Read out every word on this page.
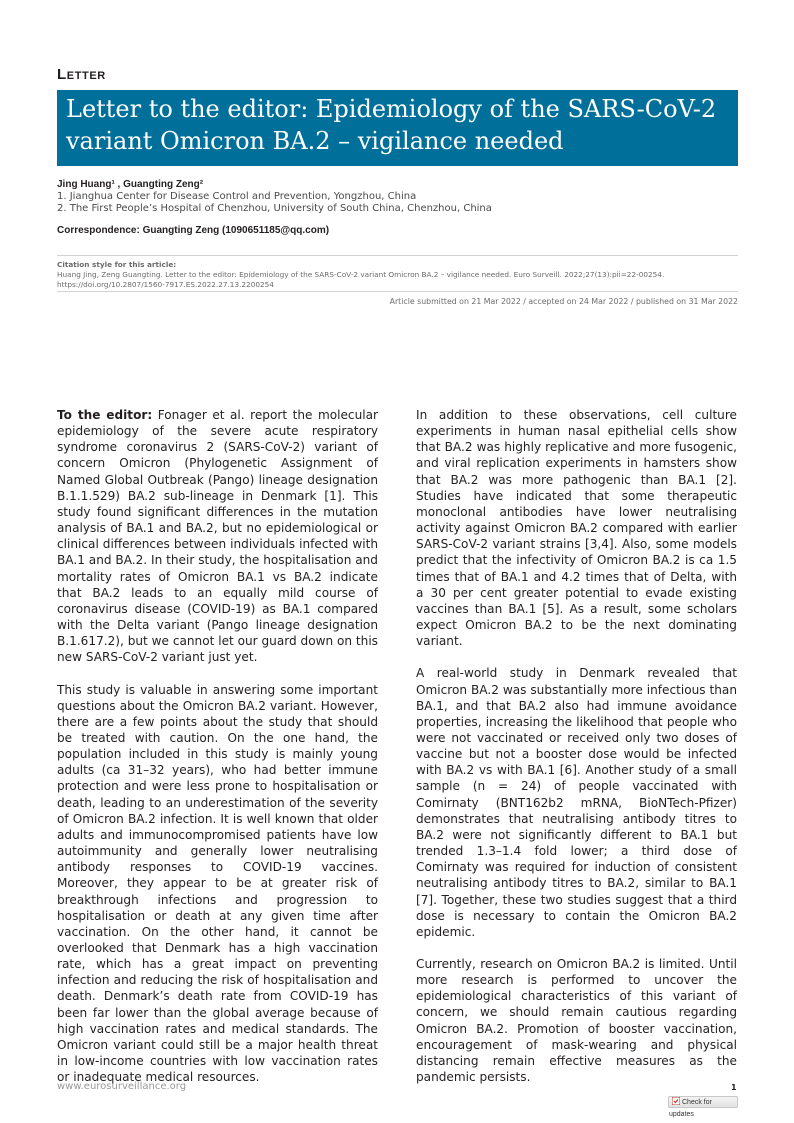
Letter
Letter to the editor: Epidemiology of the SARS-CoV-2 variant Omicron BA.2 – vigilance needed
Jing Huang¹ , Guangting Zeng²
1. Jianghua Center for Disease Control and Prevention, Yongzhou, China
2. The First People’s Hospital of Chenzhou, University of South China, Chenzhou, China
Correspondence: Guangting Zeng (1090651185@qq.com)
Citation style for this article:
Huang Jing, Zeng Guangting. Letter to the editor: Epidemiology of the SARS-CoV-2 variant Omicron BA.2 – vigilance needed. Euro Surveill. 2022;27(13):pii=22-00254. https://doi.org/10.2807/1560-7917.ES.2022.27.13.2200254
Article submitted on 21 Mar 2022 / accepted on 24 Mar 2022 / published on 31 Mar 2022

To the editor: Fonager et al. report the molecular epidemiology of the severe acute respiratory syndrome coronavirus 2 (SARS-CoV-2) variant of concern Omicron (Phylogenetic Assignment of Named Global Outbreak (Pango) lineage designation B.1.1.529) BA.2 sub-lineage in Denmark [1]. This study found significant differences in the mutation analysis of BA.1 and BA.2, but no epidemiological or clinical differences between individuals infected with BA.1 and BA.2. In their study, the hospitalisation and mortality rates of Omicron BA.1 vs BA.2 indicate that BA.2 leads to an equally mild course of coronavirus disease (COVID-19) as BA.1 compared with the Delta variant (Pango lineage designation B.1.617.2), but we cannot let our guard down on this new SARS-CoV-2 variant just yet.

This study is valuable in answering some important questions about the Omicron BA.2 variant. However, there are a few points about the study that should be treated with caution. On the one hand, the population included in this study is mainly young adults (ca 31–32 years), who had better immune protection and were less prone to hospitalisation or death, leading to an underestimation of the severity of Omicron BA.2 infection. It is well known that older adults and immunocompromised patients have low autoimmunity and generally lower neutralising antibody responses to COVID-19 vaccines. Moreover, they appear to be at greater risk of breakthrough infections and progression to hospitalisation or death at any given time after vaccination. On the other hand, it cannot be overlooked that Denmark has a high vaccination rate, which has a great impact on preventing infection and reducing the risk of hospitalisation and death. Denmark’s death rate from COVID-19 has been far lower than the global average because of high vaccination rates and medical standards. The Omicron variant could still be a major health threat in low-income countries with low vaccination rates or inadequate medical resources.

In addition to these observations, cell culture experiments in human nasal epithelial cells show that BA.2 was highly replicative and more fusogenic, and viral replication experiments in hamsters show that BA.2 was more pathogenic than BA.1 [2]. Studies have indicated that some therapeutic monoclonal antibodies have lower neutralising activity against Omicron BA.2 compared with earlier SARS-CoV-2 variant strains [3,4]. Also, some models predict that the infectivity of Omicron BA.2 is ca 1.5 times that of BA.1 and 4.2 times that of Delta, with a 30 per cent greater potential to evade existing vaccines than BA.1 [5]. As a result, some scholars expect Omicron BA.2 to be the next dominating variant.

A real-world study in Denmark revealed that Omicron BA.2 was substantially more infectious than BA.1, and that BA.2 also had immune avoidance properties, increasing the likelihood that people who were not vaccinated or received only two doses of vaccine but not a booster dose would be infected with BA.2 vs with BA.1 [6]. Another study of a small sample (n = 24) of people vaccinated with Comirnaty (BNT162b2 mRNA, BioNTech-Pfizer) demonstrates that neutralising antibody titres to BA.2 were not significantly different to BA.1 but trended 1.3–1.4 fold lower; a third dose of Comirnaty was required for induction of consistent neutralising antibody titres to BA.2, similar to BA.1 [7]. Together, these two studies suggest that a third dose is necessary to contain the Omicron BA.2 epidemic.

Currently, research on Omicron BA.2 is limited. Until more research is performed to uncover the epidemiological characteristics of this variant of concern, we should remain cautious regarding Omicron BA.2. Promotion of booster vaccination, encouragement of mask-wearing and physical distancing remain effective measures as the pandemic persists.

www.eurosurveillance.org	1
Check for updates
